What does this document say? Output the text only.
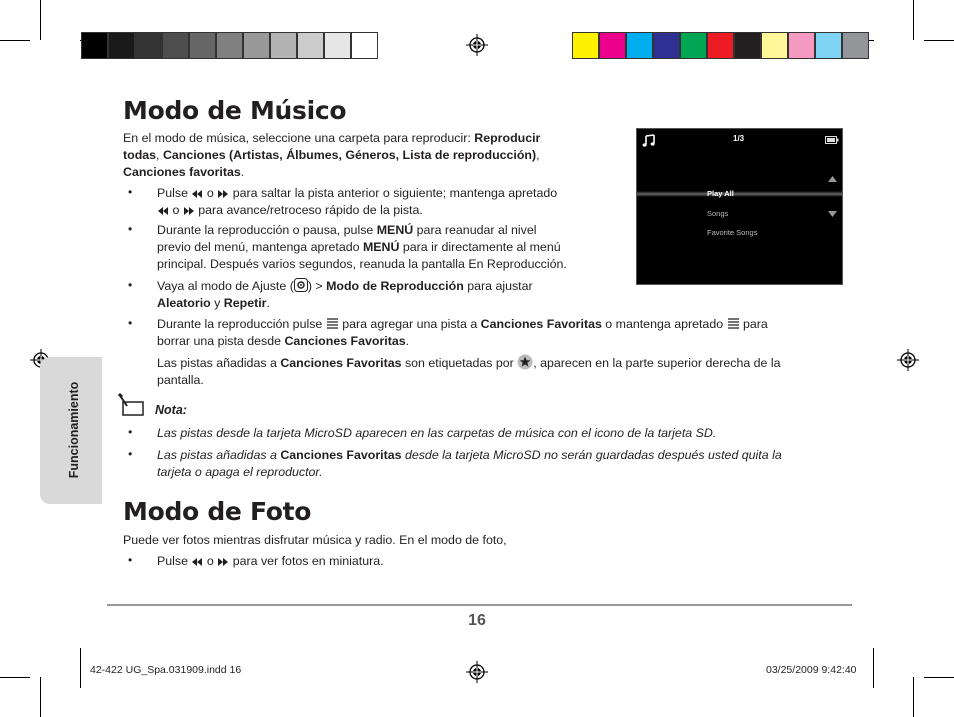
Funcionamiento
Modo de Músico

En el modo de música, seleccione una carpeta para reproducir: Reproducir
todas, Canciones (Artistas, Álbumes, Géneros, Lista de reproducción),
Canciones favoritas.

• Pulse o para saltar la pista anterior o siguiente; mantenga apretado
o para avance/retroceso rápido de la pista.

• Durante la reproducción o pausa, pulse MENÚ para reanudar al nivel
previo del menú, mantenga apretado MENÚ para ir directamente al menú
principal. Después varios segundos, reanuda la pantalla En Reproducción.

• Vaya al modo de Ajuste ( ) > Modo de Reproducción para ajustar
Aleatorio y Repetir.

• Durante la reproducción pulse  para agregar una pista a Canciones Favoritas o mantenga apretado  para
borrar una pista desde Canciones Favoritas.

Las pistas añadidas a Canciones Favoritas son etiquetadas por , aparecen en la parte superior derecha de la
pantalla.

1/3
Play All
Songs
Favorite Songs
Nota:
• Las pistas desde la tarjeta MicroSD aparecen en las carpetas de música con el icono de la tarjeta SD.

• Las pistas añadidas a Canciones Favoritas desde la tarjeta MicroSD no serán guardadas después usted quita la
tarjeta o apaga el reproductor.

Modo de Foto

Puede ver fotos mientras disfrutar música y radio. En el modo de foto,

• Pulse o para ver fotos en miniatura.

16
42-422 UG_Spa.031909.indd 16	03/25/2009 9:42:40
